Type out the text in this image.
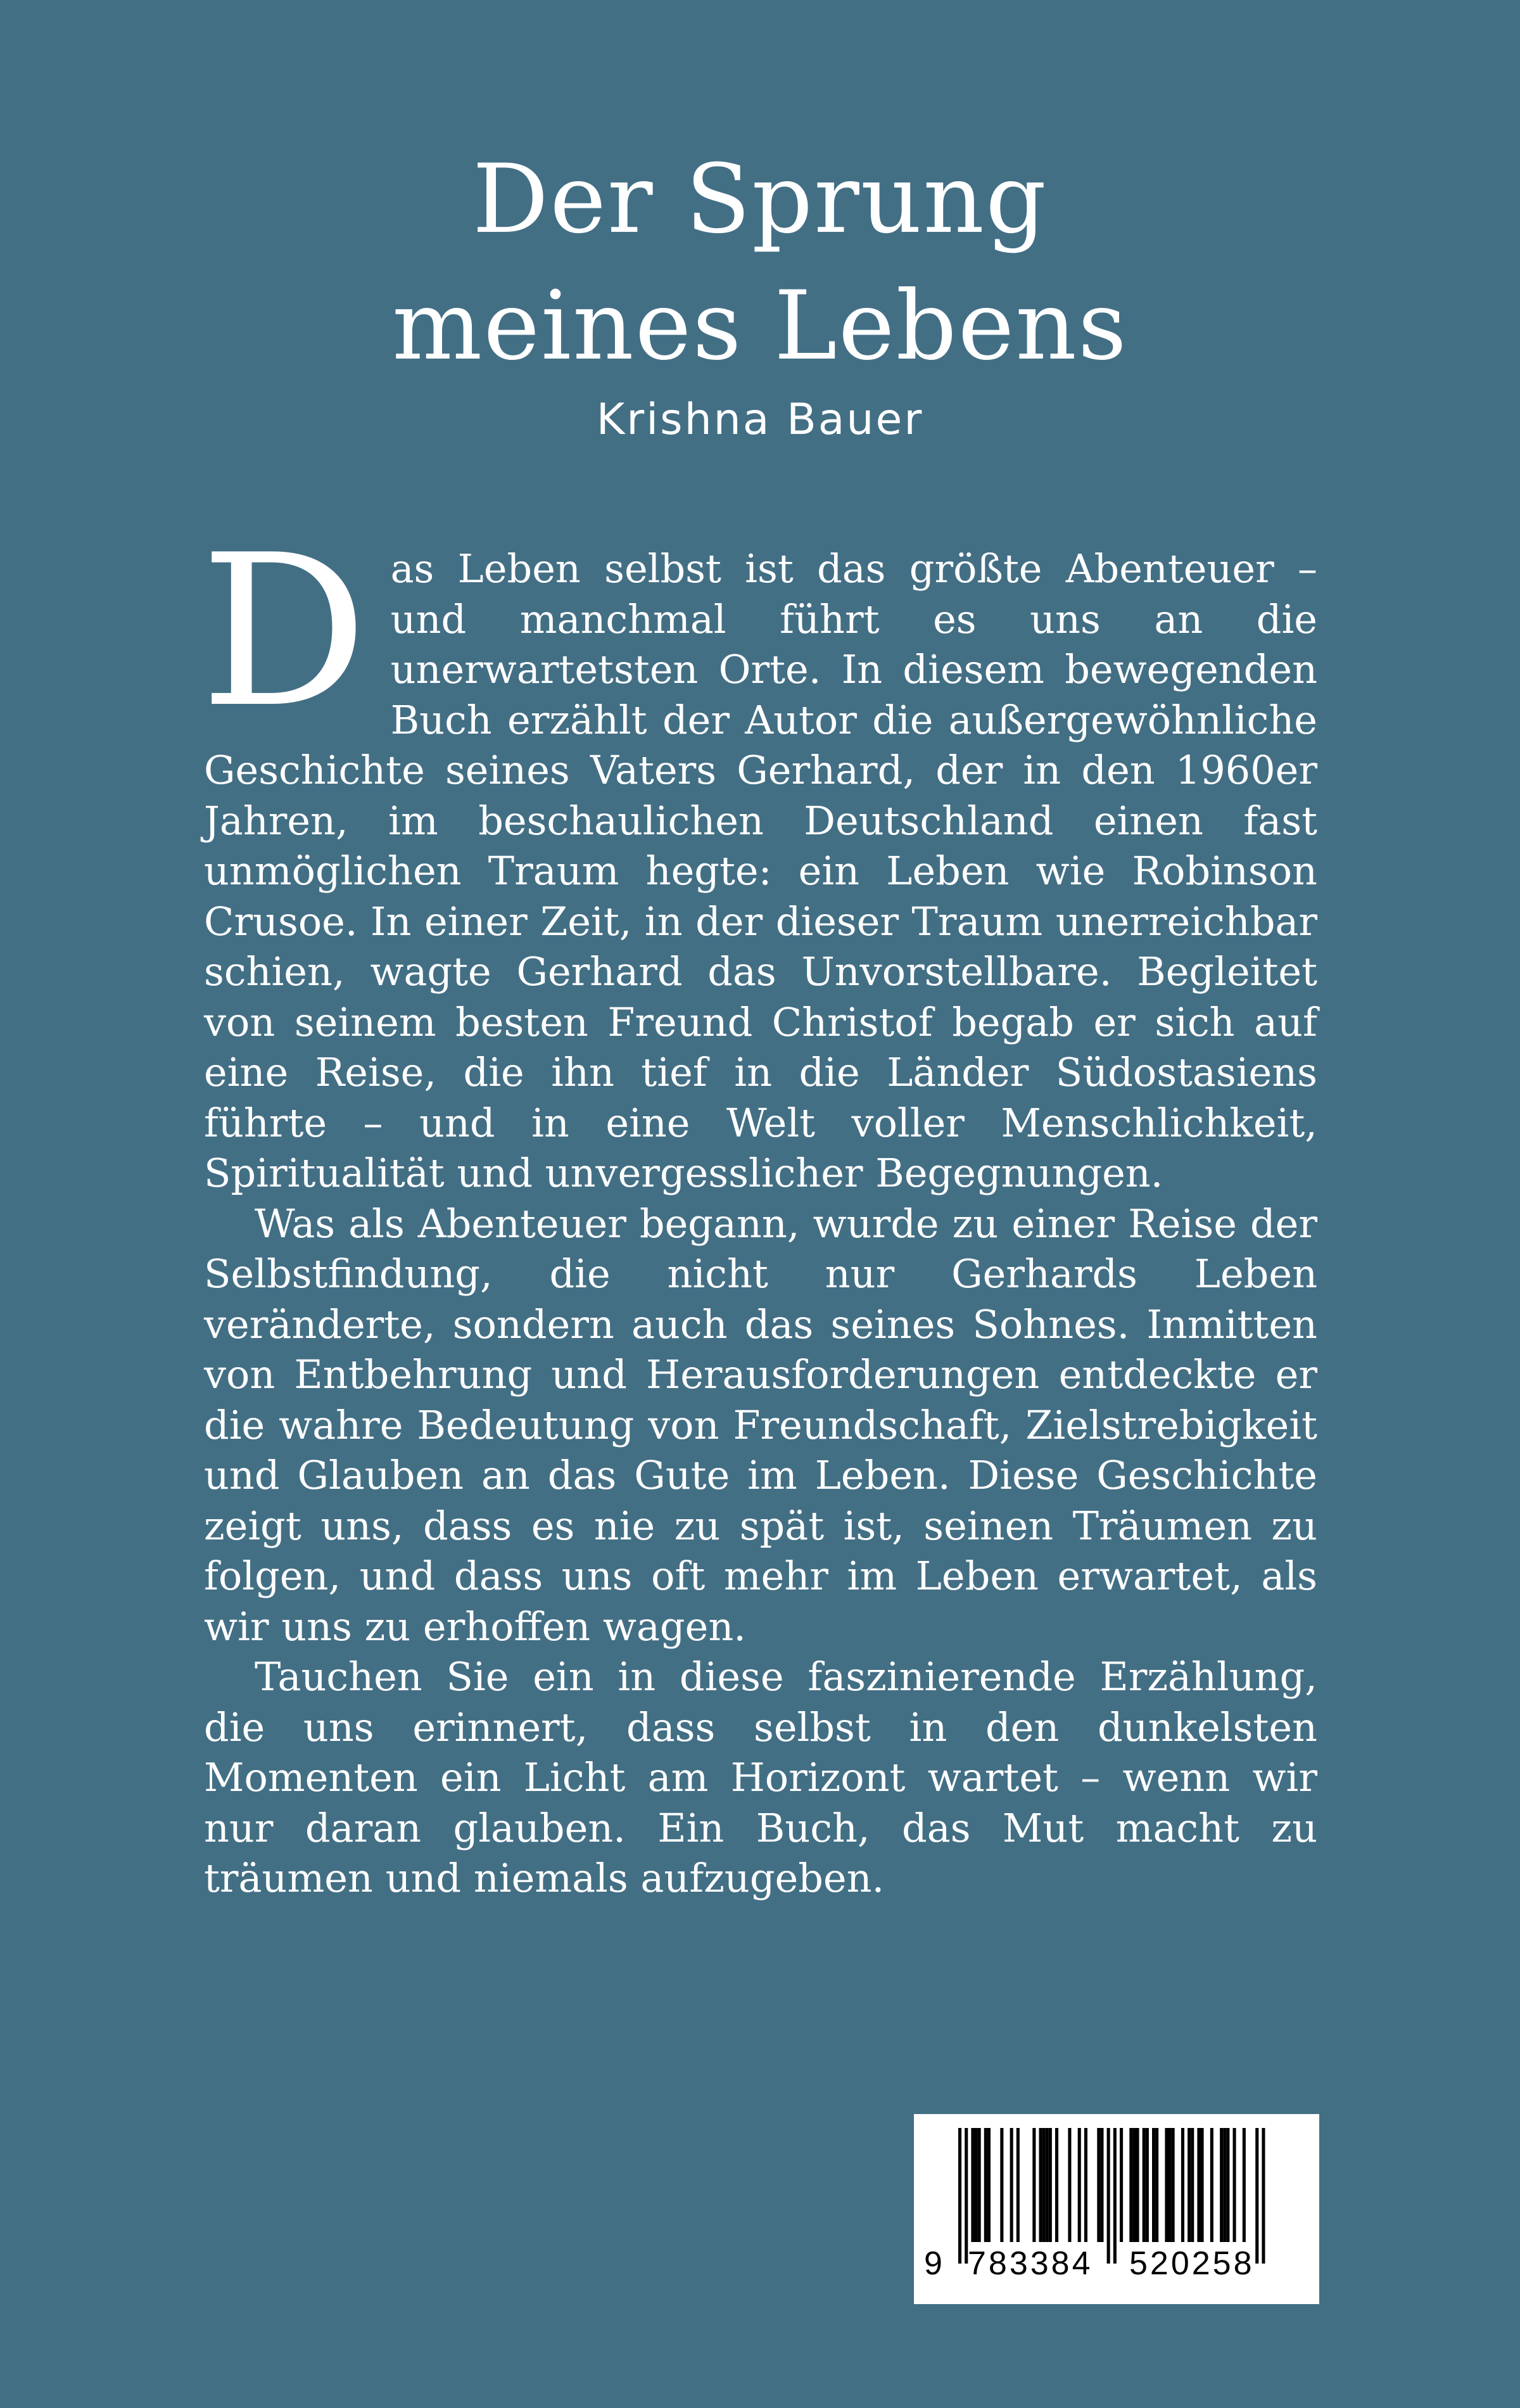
Der Sprung
meines Lebens
Krishna Bauer

Das Leben selbst ist das größte Abenteuer – und manchmal führt es uns an die unerwartetsten Orte. In diesem bewegenden Buch erzählt der Autor die außergewöhnliche Geschichte seines Vaters Gerhard, der in den 1960er Jahren, im beschaulichen Deutschland einen fast unmöglichen Traum hegte: ein Leben wie Robinson Crusoe. In einer Zeit, in der dieser Traum unerreichbar schien, wagte Gerhard das Unvorstellbare. Begleitet von seinem besten Freund Christof begab er sich auf eine Reise, die ihn tief in die Länder Südostasiens führte – und in eine Welt voller Menschlichkeit, Spiritualität und unvergesslicher Begegnungen.

Was als Abenteuer begann, wurde zu einer Reise der Selbstfindung, die nicht nur Gerhards Leben veränderte, sondern auch das seines Sohnes. Inmitten von Entbehrung und Herausforderungen entdeckte er die wahre Bedeutung von Freundschaft, Zielstrebigkeit und Glauben an das Gute im Leben. Diese Geschichte zeigt uns, dass es nie zu spät ist, seinen Träumen zu folgen, und dass uns oft mehr im Leben erwartet, als wir uns zu erhoffen wagen.

Tauchen Sie ein in diese faszinierende Erzählung, die uns erinnert, dass selbst in den dunkelsten Momenten ein Licht am Horizont wartet – wenn wir nur daran glauben. Ein Buch, das Mut macht zu träumen und niemals aufzugeben.

9 783384	520258
